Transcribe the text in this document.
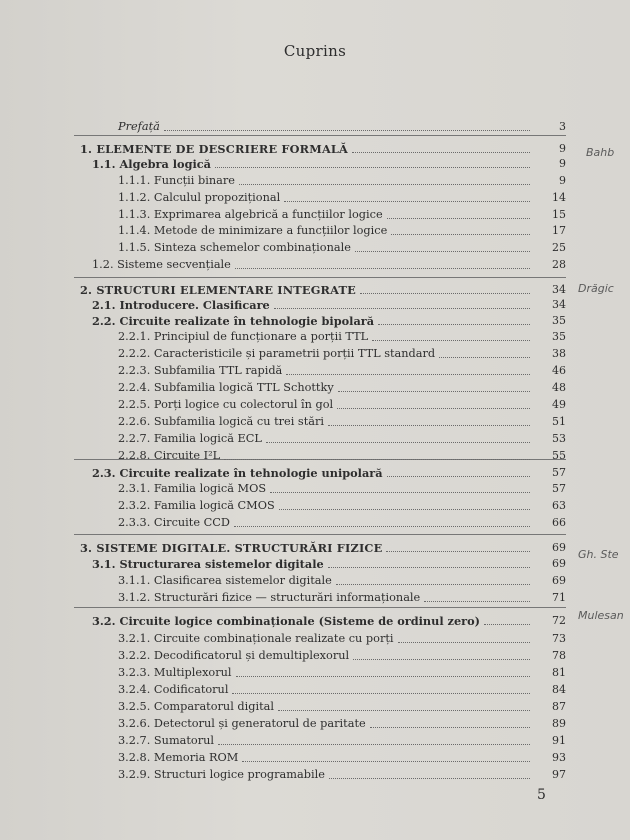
Cuprins
Prefață	3
1. ELEMENTE DE DESCRIERE FORMALĂ	9
1.1. Algebra logică	9
1.1.1. Funcții binare	9
1.1.2. Calculul propozițional	14
1.1.3. Exprimarea algebrică a funcțiilor logice	15
1.1.4. Metode de minimizare a funcțiilor logice	17
1.1.5. Sinteza schemelor combinaționale	25
1.2. Sisteme secvențiale	28
2. STRUCTURI ELEMENTARE INTEGRATE	34
2.1. Introducere. Clasificare	34
2.2. Circuite realizate în tehnologie bipolară	35
2.2.1. Principiul de funcționare a porții TTL	35
2.2.2. Caracteristicile și parametrii porții TTL standard	38
2.2.3. Subfamilia TTL rapidă	46
2.2.4. Subfamilia logică TTL Schottky	48
2.2.5. Porți logice cu colectorul în gol	49
2.2.6. Subfamilia logică cu trei stări	51
2.2.7. Familia logică ECL	53
2.2.8. Circuite I²L	55
2.3. Circuite realizate în tehnologie unipolară	57
2.3.1. Familia logică MOS	57
2.3.2. Familia logică CMOS	63
2.3.3. Circuite CCD	66
3. SISTEME DIGITALE. STRUCTURĂRI FIZICE	69
3.1. Structurarea sistemelor digitale	69
3.1.1. Clasificarea sistemelor digitale	69
3.1.2. Structurări fizice — structurări informaționale	71
3.2. Circuite logice combinaționale (Sisteme de ordinul zero)	72
3.2.1. Circuite combinaționale realizate cu porți	73
3.2.2. Decodificatorul și demultiplexorul	78
3.2.3. Multiplexorul	81
3.2.4. Codificatorul	84
3.2.5. Comparatorul digital	87
3.2.6. Detectorul și generatorul de paritate	89
3.2.7. Sumatorul	91
3.2.8. Memoria ROM	93
3.2.9. Structuri logice programabile	97
Bahb
Drăgic
Gh. Ste
Mulesan
5
